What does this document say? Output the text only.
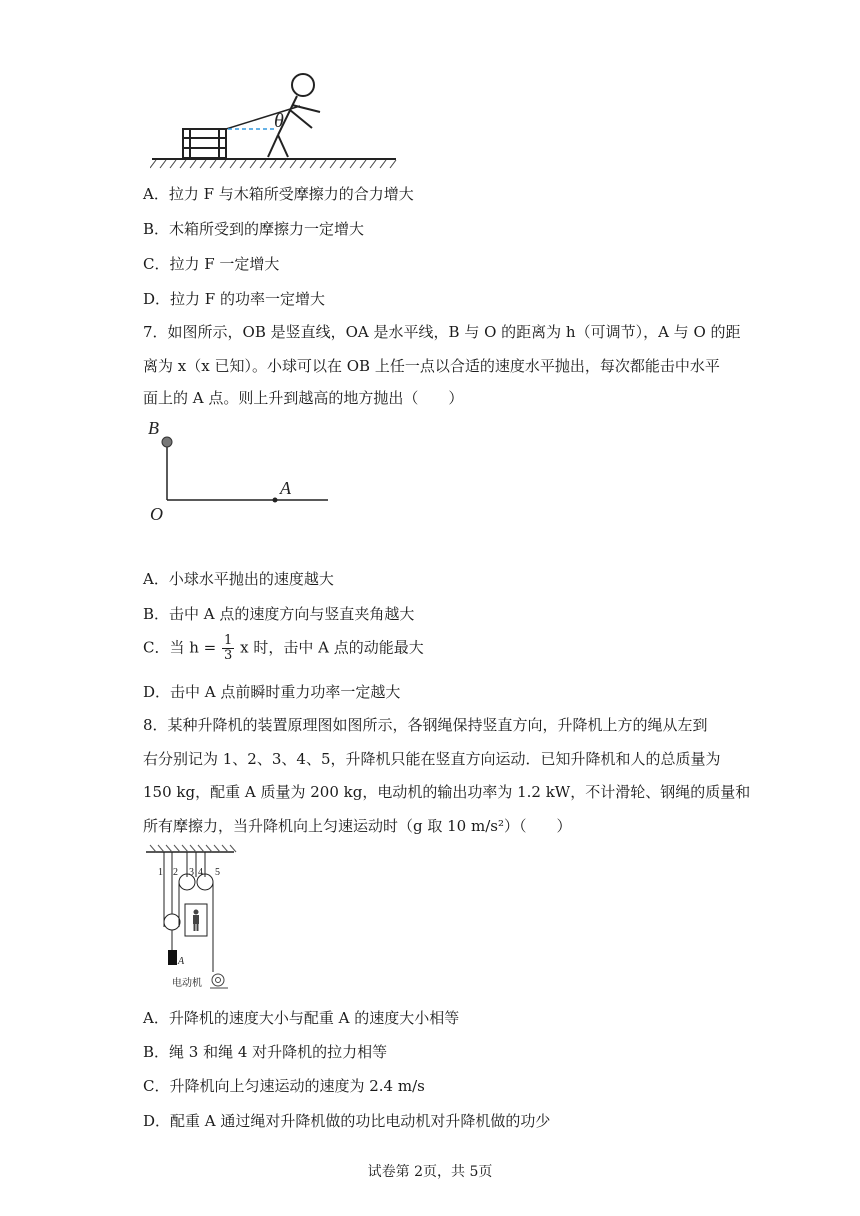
θ
A．拉力 F 与木箱所受摩擦力的合力增大
B．木箱所受到的摩擦力一定增大
C．拉力 F 一定增大
D．拉力 F 的功率一定增大
7．如图所示，OB 是竖直线，OA 是水平线，B 与 O 的距离为 h（可调节），A 与 O 的距
离为 x（x 已知）。小球可以在 OB 上任一点以合适的速度水平抛出，每次都能击中水平
面上的 A 点。则上升到越高的地方抛出（　　）
B
O
A
A．小球水平抛出的速度越大
B．击中 A 点的速度方向与竖直夹角越大
C．当 $h = \frac{1}{3}$ x 时，击中 A 点的动能最大
D．击中 A 点前瞬时重力功率一定越大
8．某种升降机的装置原理图如图所示，各钢绳保持竖直方向，升降机上方的绳从左到
右分别记为 1、2、3、4、5，升降机只能在竖直方向运动．已知升降机和人的总质量为
150 kg，配重 A 质量为 200 kg，电动机的输出功率为 1.2 kW，不计滑轮、钢绳的质量和
所有摩擦力，当升降机向上匀速运动时（g 取 10 m/s²）（　　）
1 2 3 4 5
A
电动机
A．升降机的速度大小与配重 A 的速度大小相等
B．绳 3 和绳 4 对升降机的拉力相等
C．升降机向上匀速运动的速度为 2.4 m/s
D．配重 A 通过绳对升降机做的功比电动机对升降机做的功少
试卷第 2页，共 5页
